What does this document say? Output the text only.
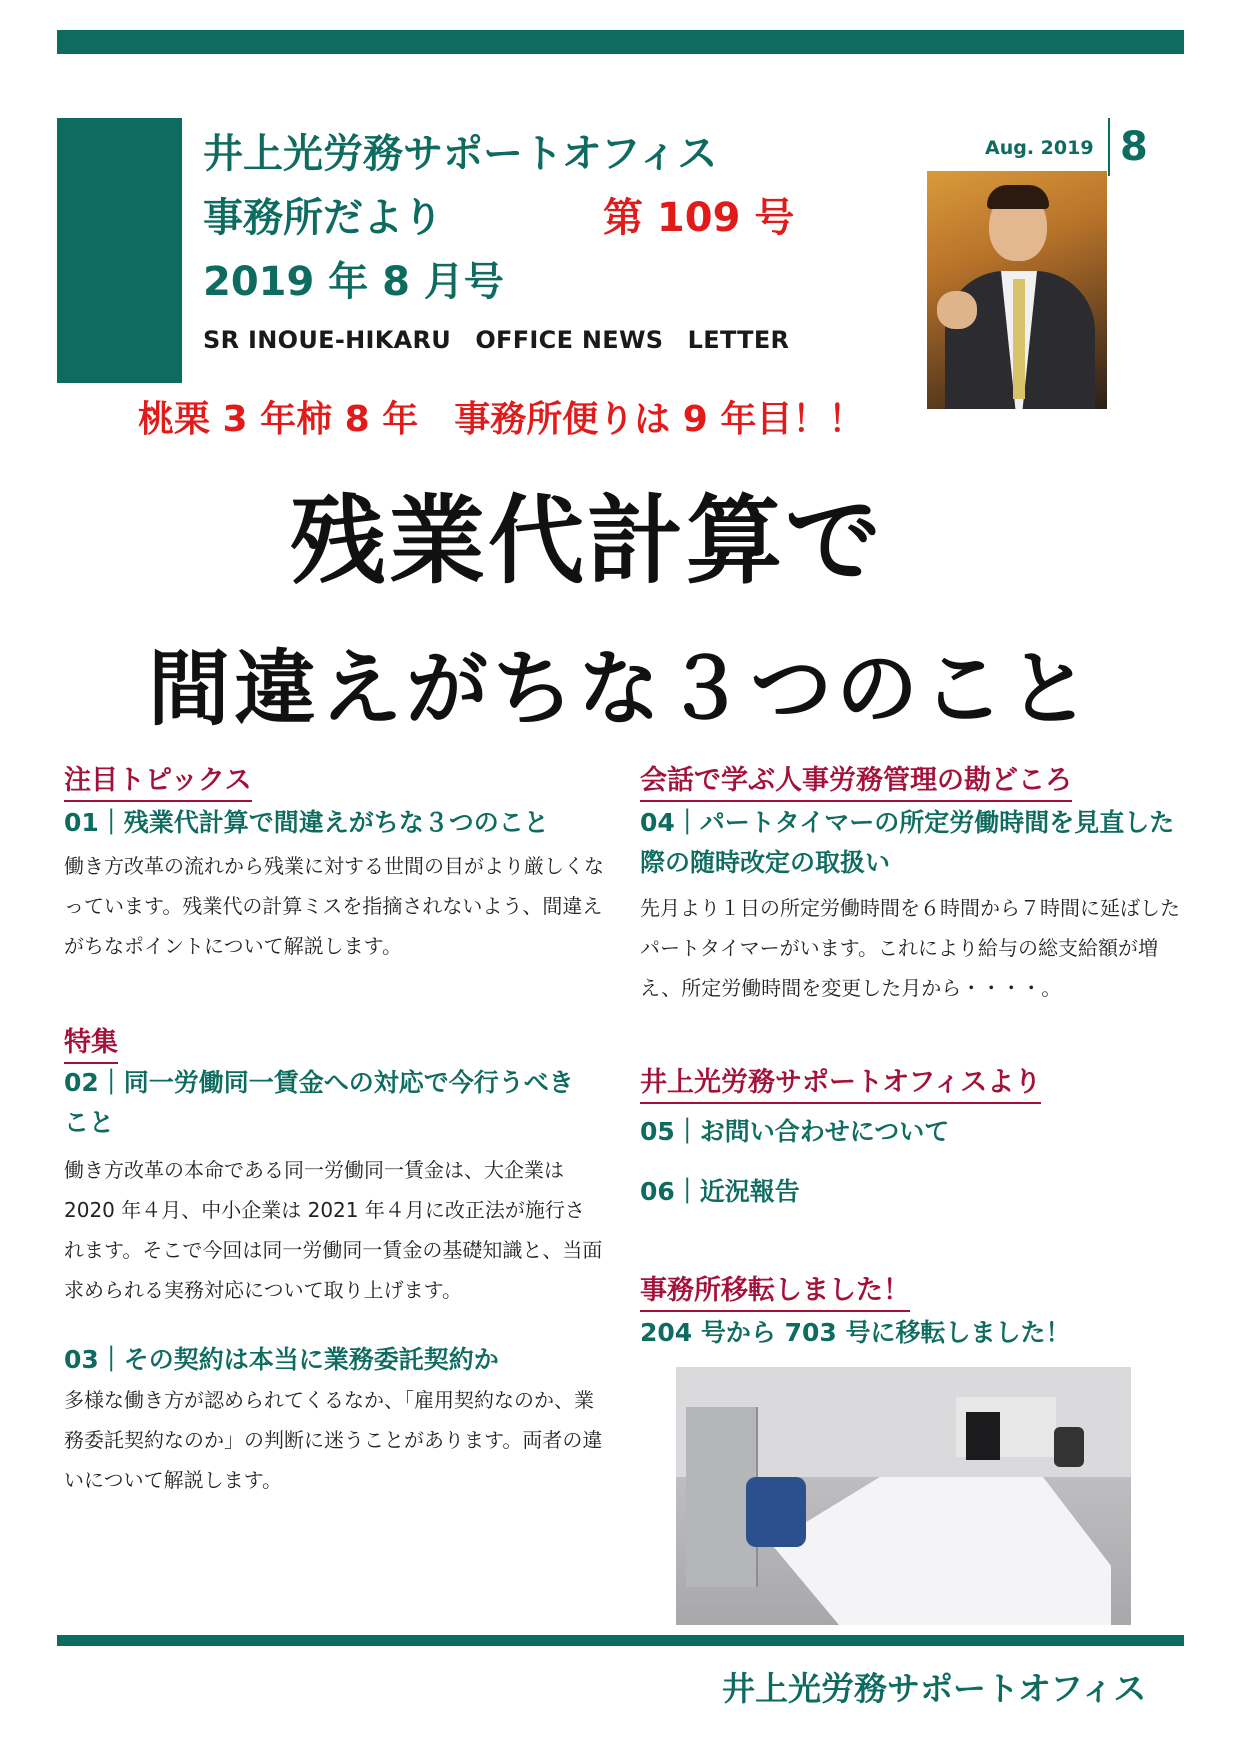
井上光労務サポートオフィス
事務所だより	第 109 号
2019 年 8 月号
SR INOUE-HIKARU　OFFICE NEWS　LETTER
Aug. 2019 8
桃栗 3 年柿 8 年　事務所便りは 9 年目！！
残業代計算で
間違えがちな３つのこと
注目トピックス
01｜残業代計算で間違えがちな３つのこと
働き方改革の流れから残業に対する世間の目がより厳しくなっています。残業代の計算ミスを指摘されないよう、間違えがちなポイントについて解説します。
特集
02｜同一労働同一賃金への対応で今行うべきこと
働き方改革の本命である同一労働同一賃金は、大企業は 2020 年４月、中小企業は 2021 年４月に改正法が施行されます。そこで今回は同一労働同一賃金の基礎知識と、当面求められる実務対応について取り上げます。
03｜その契約は本当に業務委託契約か
多様な働き方が認められてくるなか、「雇用契約なのか、業務委託契約なのか」の判断に迷うことがあります。両者の違いについて解説します。
会話で学ぶ人事労務管理の勘どころ
04｜パートタイマーの所定労働時間を見直した際の随時改定の取扱い
先月より１日の所定労働時間を６時間から７時間に延ばしたパートタイマーがいます。これにより給与の総支給額が増え、所定労働時間を変更した月から・・・・。
井上光労務サポートオフィスより
05｜お問い合わせについて
06｜近況報告
事務所移転しました！
204 号から 703 号に移転しました！
井上光労務サポートオフィス
